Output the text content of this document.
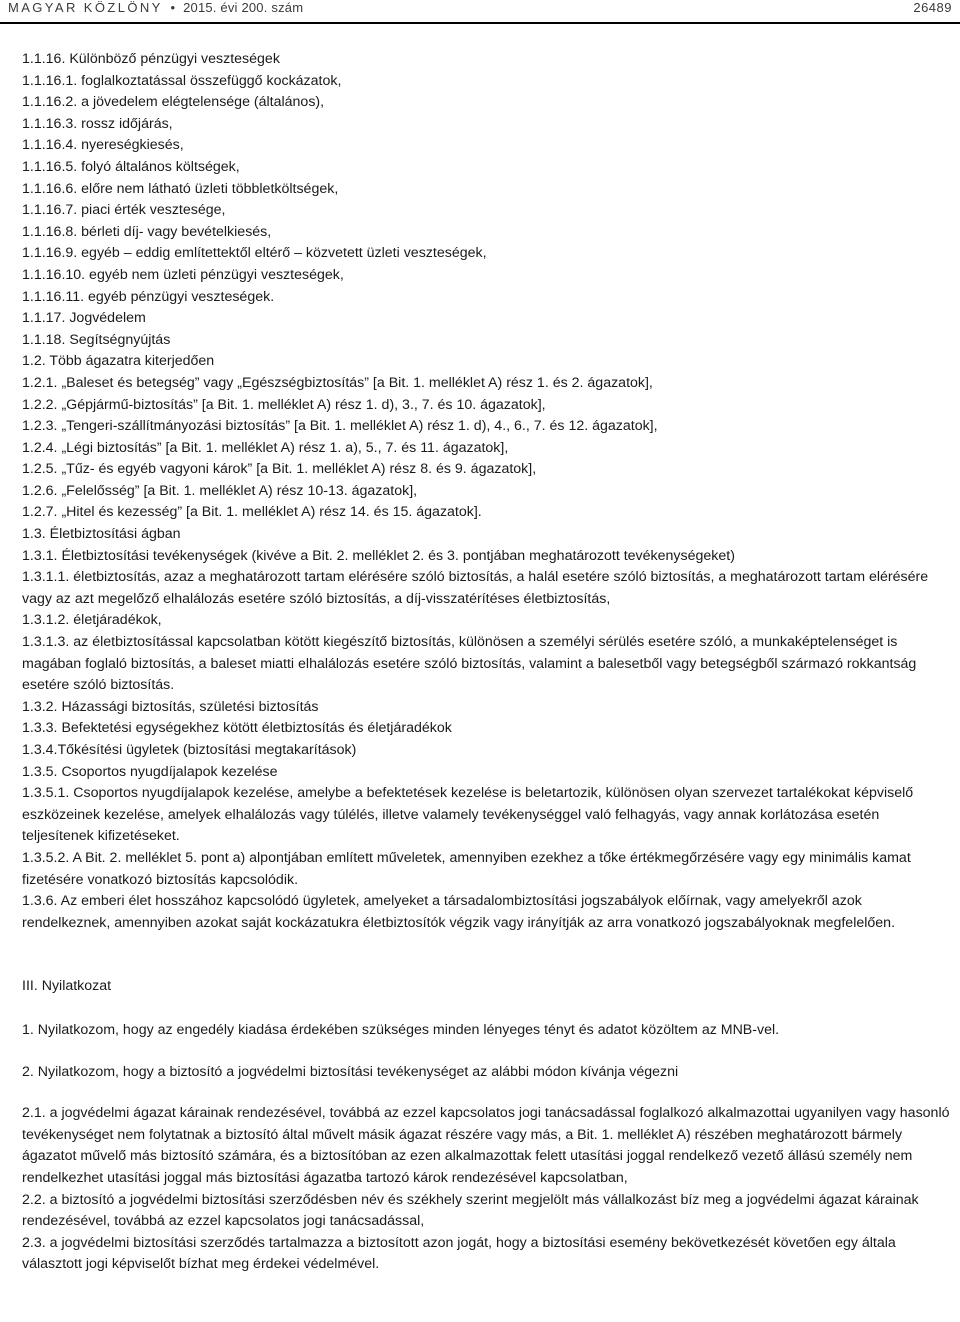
MAGYAR KÖZLÖNY • 2015. évi 200. szám	26489
1.1.16. Különböző pénzügyi veszteségek
1.1.16.1. foglalkoztatással összefüggő kockázatok,
1.1.16.2. a jövedelem elégtelensége (általános),
1.1.16.3. rossz időjárás,
1.1.16.4. nyereségkiesés,
1.1.16.5. folyó általános költségek,
1.1.16.6. előre nem látható üzleti többletköltségek,
1.1.16.7. piaci érték vesztesége,
1.1.16.8. bérleti díj- vagy bevételkiesés,
1.1.16.9. egyéb – eddig említettektől eltérő – közvetett üzleti veszteségek,
1.1.16.10. egyéb nem üzleti pénzügyi veszteségek,
1.1.16.11. egyéb pénzügyi veszteségek.
1.1.17. Jogvédelem
1.1.18. Segítségnyújtás
1.2. Több ágazatra kiterjedően
1.2.1. „Baleset és betegség” vagy „Egészségbiztosítás” [a Bit. 1. melléklet A) rész 1. és 2. ágazatok],
1.2.2. „Gépjármű-biztosítás” [a Bit. 1. melléklet A) rész 1. d), 3., 7. és 10. ágazatok],
1.2.3. „Tengeri-szállítmányozási biztosítás” [a Bit. 1. melléklet A) rész 1. d), 4., 6., 7. és 12. ágazatok],
1.2.4. „Légi biztosítás” [a Bit. 1. melléklet A) rész 1. a), 5., 7. és 11. ágazatok],
1.2.5. „Tűz- és egyéb vagyoni károk” [a Bit. 1. melléklet A) rész 8. és 9. ágazatok],
1.2.6. „Felelősség” [a Bit. 1. melléklet A) rész 10-13. ágazatok],
1.2.7. „Hitel és kezesség” [a Bit. 1. melléklet A) rész 14. és 15. ágazatok].
1.3. Életbiztosítási ágban
1.3.1. Életbiztosítási tevékenységek (kivéve a Bit. 2. melléklet 2. és 3. pontjában meghatározott tevékenységeket)
1.3.1.1. életbiztosítás, azaz a meghatározott tartam elérésére szóló biztosítás, a halál esetére szóló biztosítás, a meghatározott tartam elérésére vagy az azt megelőző elhalálozás esetére szóló biztosítás, a díj-visszatérítéses életbiztosítás,
1.3.1.2. életjáradékok,
1.3.1.3. az életbiztosítással kapcsolatban kötött kiegészítő biztosítás, különösen a személyi sérülés esetére szóló, a munkaképtelenséget is magában foglaló biztosítás, a baleset miatti elhalálozás esetére szóló biztosítás, valamint a balesetből vagy betegségből származó rokkantság esetére szóló biztosítás.
1.3.2. Házassági biztosítás, születési biztosítás
1.3.3. Befektetési egységekhez kötött életbiztosítás és életjáradékok
1.3.4.Tőkésítési ügyletek (biztosítási megtakarítások)
1.3.5. Csoportos nyugdíjalapok kezelése
1.3.5.1. Csoportos nyugdíjalapok kezelése, amelybe a befektetések kezelése is beletartozik, különösen olyan szervezet tartalékokat képviselő eszközeinek kezelése, amelyek elhalálozás vagy túlélés, illetve valamely tevékenységgel való felhagyás, vagy annak korlátozása esetén teljesítenek kifizetéseket.
1.3.5.2. A Bit. 2. melléklet 5. pont a) alpontjában említett műveletek, amennyiben ezekhez a tőke értékmegőrzésére vagy egy minimális kamat fizetésére vonatkozó biztosítás kapcsolódik.
1.3.6. Az emberi élet hosszához kapcsolódó ügyletek, amelyeket a társadalombiztosítási jogszabályok előírnak, vagy amelyekről azok rendelkeznek, amennyiben azokat saját kockázatukra életbiztosítók végzik vagy irányítják az arra vonatkozó jogszabályoknak megfelelően.
III. Nyilatkozat
1. Nyilatkozom, hogy az engedély kiadása érdekében szükséges minden lényeges tényt és adatot közöltem az MNB-vel.
2. Nyilatkozom, hogy a biztosító a jogvédelmi biztosítási tevékenységet az alábbi módon kívánja végezni
2.1. a jogvédelmi ágazat kárainak rendezésével, továbbá az ezzel kapcsolatos jogi tanácsadással foglalkozó alkalmazottai ugyanilyen vagy hasonló tevékenységet nem folytatnak a biztosító által művelt másik ágazat részére vagy más, a Bit. 1. melléklet A) részében meghatározott bármely ágazatot művelő más biztosító számára, és a biztosítóban az ezen alkalmazottak felett utasítási joggal rendelkező vezető állású személy nem rendelkezhet utasítási joggal más biztosítási ágazatba tartozó károk rendezésével kapcsolatban,
2.2. a biztosító a jogvédelmi biztosítási szerződésben név és székhely szerint megjelölt más vállalkozást bíz meg a jogvédelmi ágazat kárainak rendezésével, továbbá az ezzel kapcsolatos jogi tanácsadással,
2.3. a jogvédelmi biztosítási szerződés tartalmazza a biztosított azon jogát, hogy a biztosítási esemény bekövetkezését követően egy általa választott jogi képviselőt bízhat meg érdekei védelmével.
